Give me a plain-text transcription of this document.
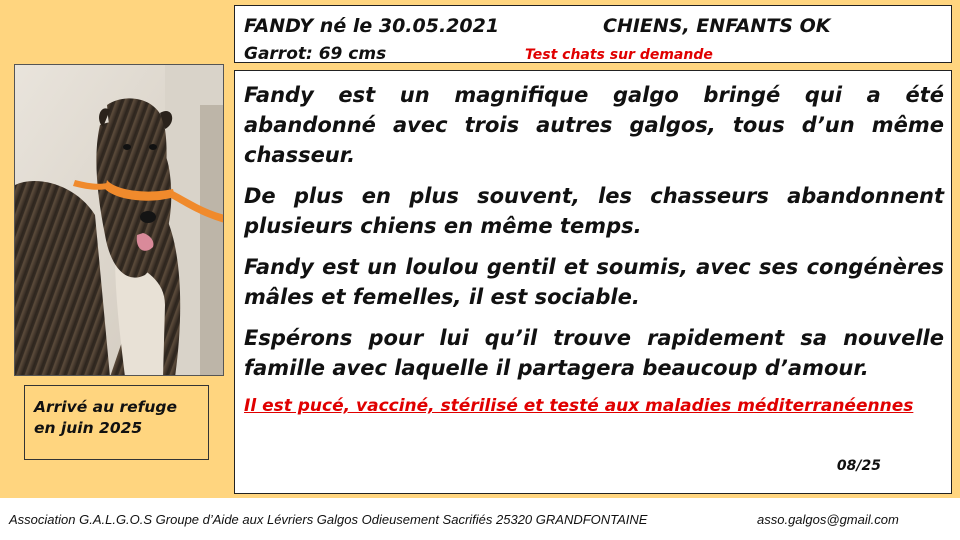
FANDY né le 30.05.2021	CHIENS, ENFANTS OK
Garrot: 69 cms	Test chats sur demande
Arrivé au refuge
en juin 2025

Fandy est un magnifique galgo bringé qui a été abandonné avec trois autres galgos, tous d’un même chasseur.

De plus en plus souvent, les chasseurs abandonnent plusieurs chiens en même temps.

Fandy est un loulou gentil et soumis, avec ses congénères mâles et femelles, il est sociable.

Espérons pour lui qu’il trouve rapidement sa nouvelle famille avec laquelle il partagera beaucoup d’amour.

Il est pucé, vacciné, stérilisé et testé aux maladies méditerranéennes

08/25
Association G.A.L.G.O.S Groupe d’Aide aux Lévriers Galgos Odieusement Sacrifiés 25320 GRANDFONTAINE	asso.galgos@gmail.com
